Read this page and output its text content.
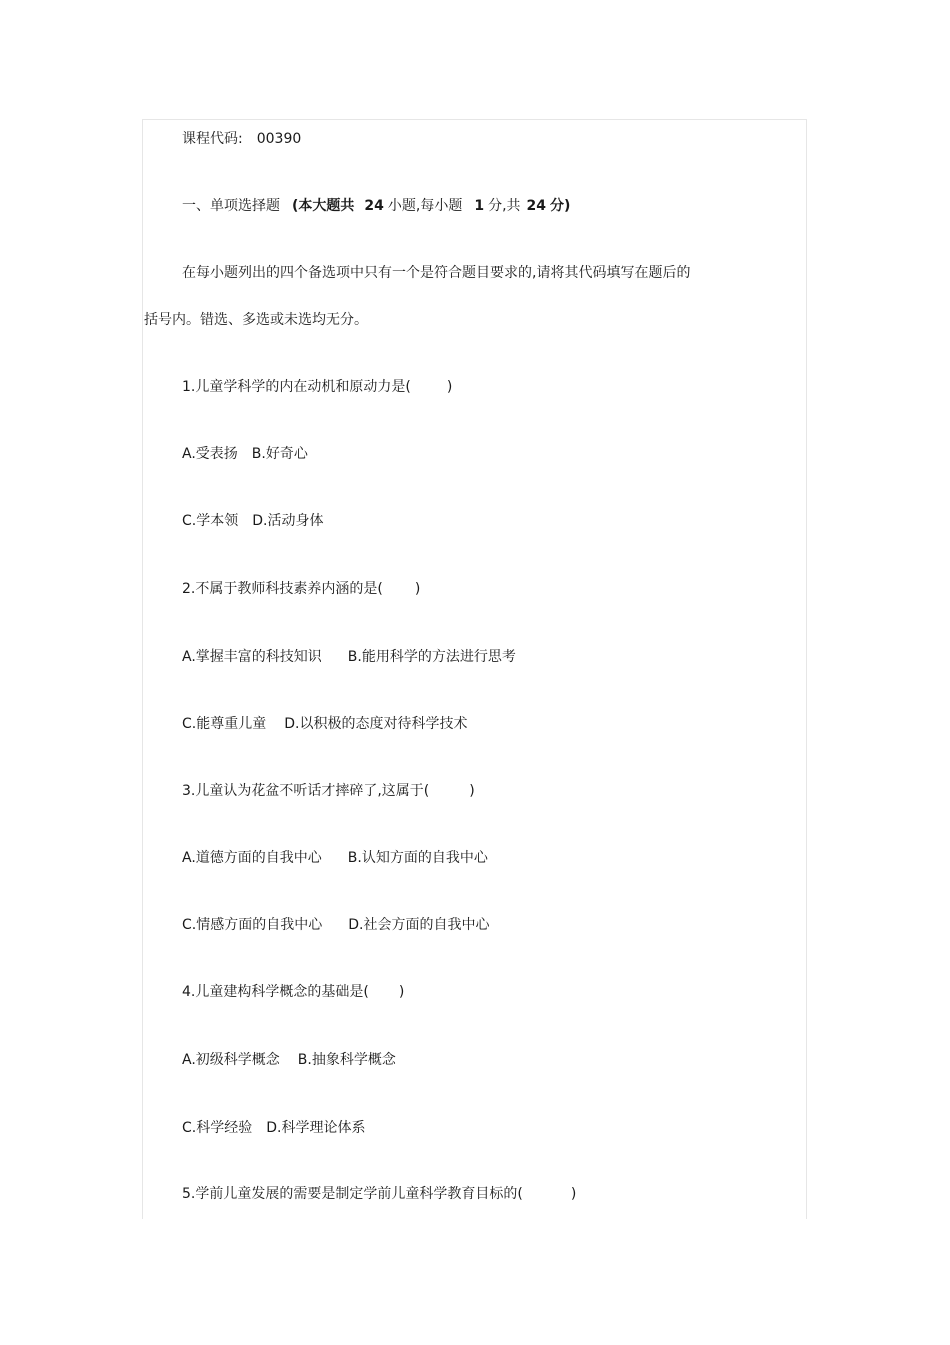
课程代码: 00390
一、单项选择题 (本大题共 24 小题,每小题 1 分,共 24 分)
在每小题列出的四个备选项中只有一个是符合题目要求的,请将其代码填写在题后的
括号内。错选、多选或未选均无分。
1.儿童学科学的内在动机和原动力是(	)
A.受表扬 B.好奇心
C.学本领 D.活动身体
2.不属于教师科技素养内涵的是( )
A.掌握丰富的科技知识 B.能用科学的方法进行思考
C.能尊重儿童 D.以积极的态度对待科学技术
3.儿童认为花盆不听话才摔碎了,这属于(	)
A.道德方面的自我中心 B.认知方面的自我中心
C.情感方面的自我中心 D.社会方面的自我中心
4.儿童建构科学概念的基础是( )
A.初级科学概念 B.抽象科学概念
C.科学经验 D.科学理论体系
5.学前儿童发展的需要是制定学前儿童科学教育目标的(	)
